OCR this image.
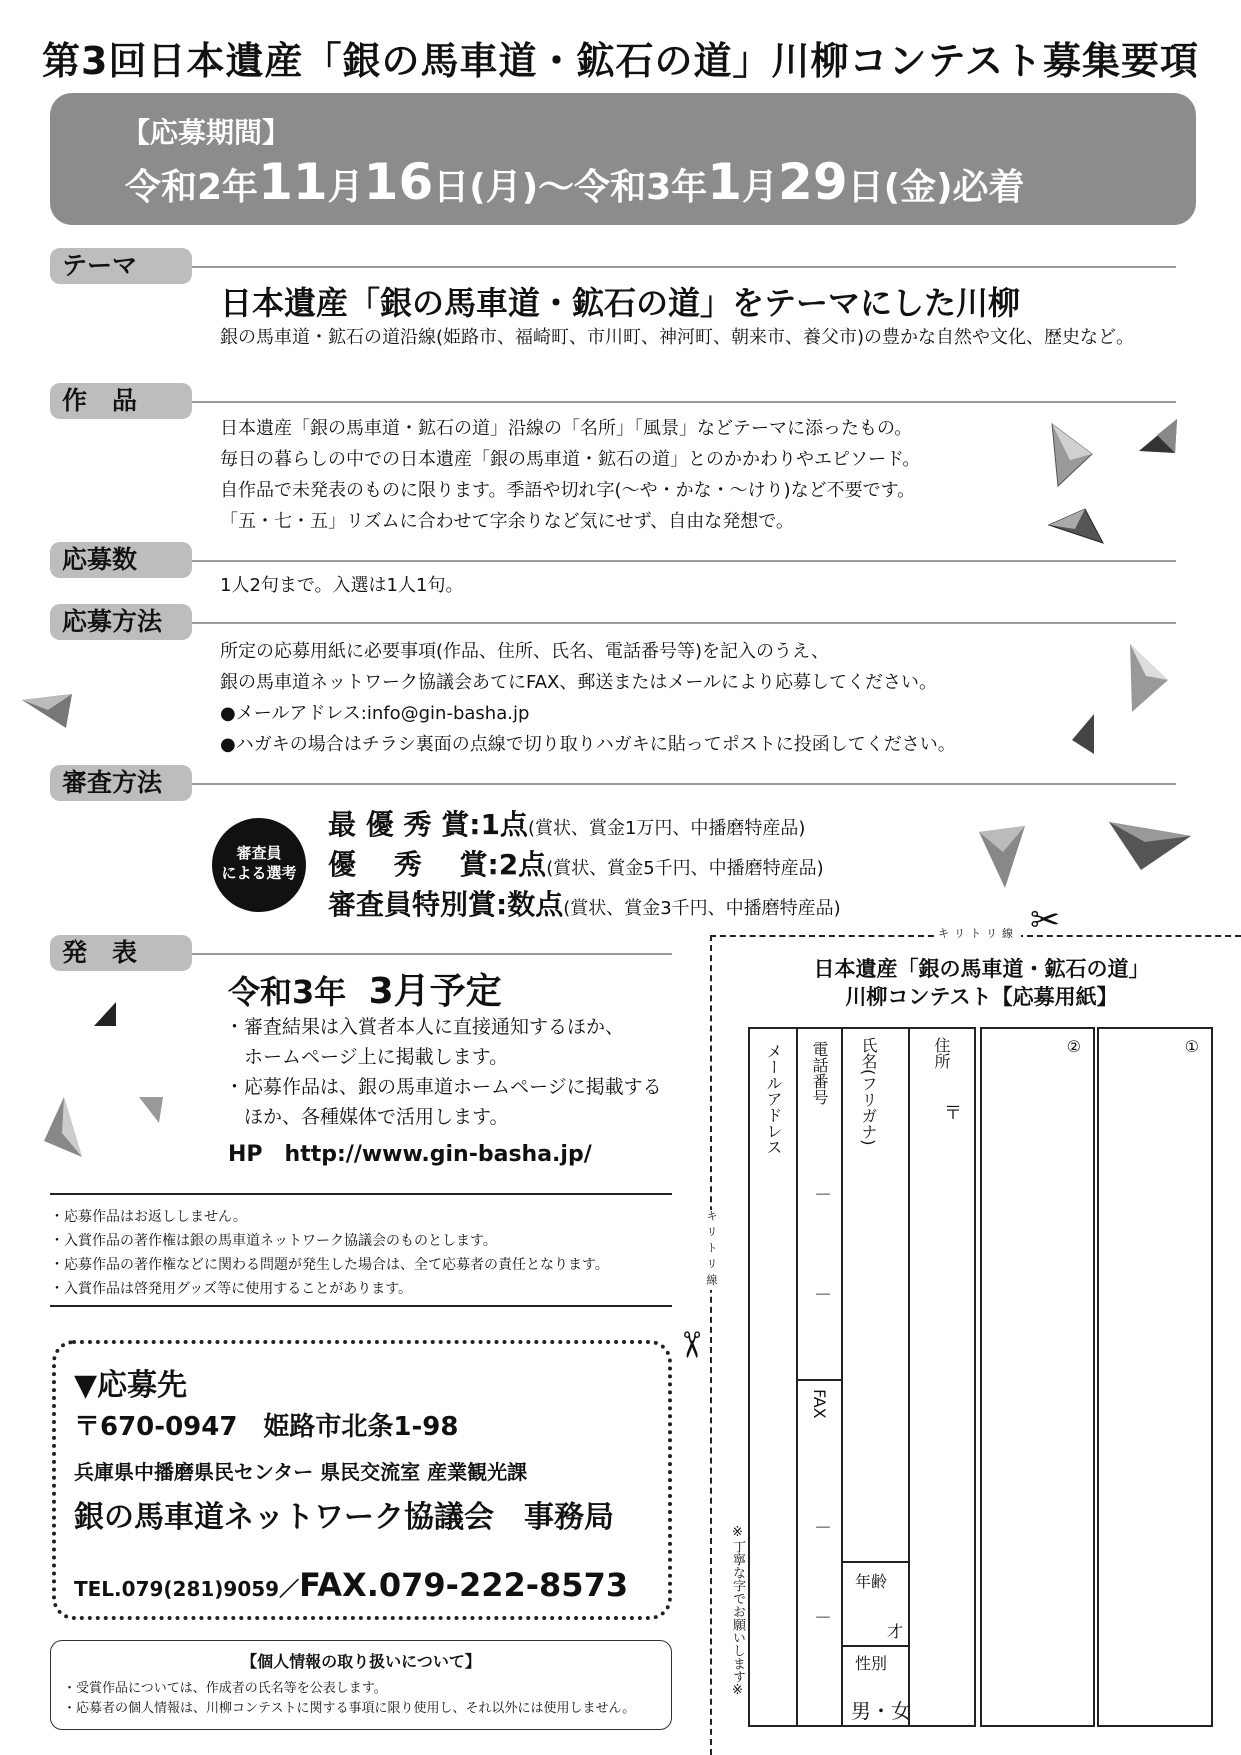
第3回日本遺産「銀の馬車道・鉱石の道」川柳コンテスト募集要項
【応募期間】
令和2年11月16日(月)～令和3年1月29日(金)必着
テーマ
日本遺産「銀の馬車道・鉱石の道」をテーマにした川柳
銀の馬車道・鉱石の道沿線(姫路市、福崎町、市川町、神河町、朝来市、養父市)の豊かな自然や文化、歴史など。
作　品
日本遺産「銀の馬車道・鉱石の道」沿線の「名所」「風景」などテーマに添ったもの。
毎日の暮らしの中での日本遺産「銀の馬車道・鉱石の道」とのかかわりやエピソード。
自作品で未発表のものに限ります。季語や切れ字(～や・かな・～けり)など不要です。
「五・七・五」リズムに合わせて字余りなど気にせず、自由な発想で。
応募数
1人2句まで。入選は1人1句。
応募方法
所定の応募用紙に必要事項(作品、住所、氏名、電話番号等)を記入のうえ、
銀の馬車道ネットワーク協議会あてにFAX、郵送またはメールにより応募してください。
●メールアドレス:info@gin-basha.jp
●ハガキの場合はチラシ裏面の点線で切り取りハガキに貼ってポストに投函してください。
審査方法
審査員
による選考
最 優 秀 賞:1点(賞状、賞金1万円、中播磨特産品)
優　 秀　 賞:2点(賞状、賞金5千円、中播磨特産品)
審査員特別賞:数点(賞状、賞金3千円、中播磨特産品)
発　表
令和3年 3月予定
・審査結果は入賞者本人に直接通知するほか、
　ホームページ上に掲載します。
・応募作品は、銀の馬車道ホームページに掲載する
　ほか、各種媒体で活用します。
HP　http://www.gin-basha.jp/
・応募作品はお返ししません。
・入賞作品の著作権は銀の馬車道ネットワーク協議会のものとします。
・応募作品の著作権などに関わる問題が発生した場合は、全て応募者の責任となります。
・入賞作品は啓発用グッズ等に使用することがあります。
▼応募先
〒670-0947　姫路市北条1-98
兵庫県中播磨県民センター 県民交流室 産業観光課
銀の馬車道ネットワーク協議会　事務局
TEL.079(281)9059／FAX.079-222-8573
【個人情報の取り扱いについて】
・受賞作品については、作成者の氏名等を公表します。
・応募者の個人情報は、川柳コンテストに関する事項に限り使用し、それ以外には使用しません。
キリトリ線
キリトリ線
✂
✂
※丁寧な字でお願いします※
日本遺産「銀の馬車道・鉱石の道」
川柳コンテスト【応募用紙】
メールアドレス 電話番号
－
－
FAX
－
－
氏名(フリガナ)
年齢
才
性別
男・女
住所
〒
②	①
